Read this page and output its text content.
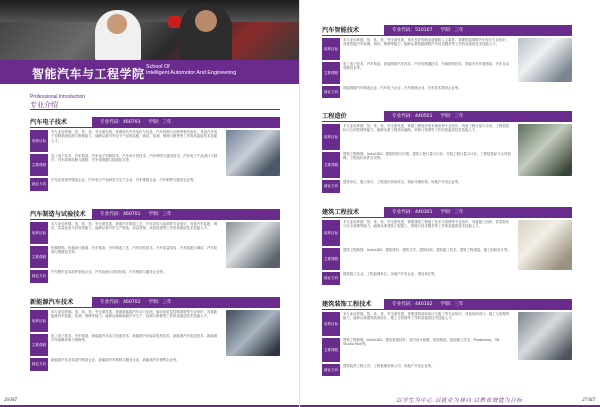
智能汽车与工程学院 School Of
Intelligent Automotor And Engineering
Professional Introduction
专业介绍
汽车电子技术	专业代码：460703 学制：三年
培养目标
本专业培养德、智、体、美、劳全面发展，掌握现代汽车电控与信息、汽车控制与诊断等相关知识，具备汽车电子控制系统检测与维修能力，能够从事汽车电子产品的装配、调试、检测、维修与销售等工作的高素质技术技能人才。
主要课程
电工电子技术、汽车构造、汽车电子控制技术、汽车单片机技术、汽车网络与通讯技术、汽车电子产品设计与制作、汽车故障诊断与排除、汽车传感器与检测技术等。
就业方向
汽车及零部件制造企业、汽车电子产品研发与生产企业、汽车维修企业、汽车销售与服务企业等。
汽车制造与试验技术	专业代码：460701 学制：三年
培养目标
本专业培养德、智、体、美、劳全面发展，掌握汽车制造工艺、汽车试验与检测等专业知识，具备汽车装配、调试、质量检验与试验等能力，能够从事汽车生产制造、质量管理、试验检测等工作的高素质技术技能人才。
主要课程
机械制图、机械设计基础、汽车构造、汽车制造工艺、汽车试验技术、汽车质量检验、汽车装配与调试、汽车检测与维修技术等。
就业方向
汽车整车及零部件制造企业、汽车检测与试验机构、汽车维修与服务企业等。
新能源汽车技术	专业代码：460702 学制：三年
培养目标
本专业培养德、智、体、美、劳全面发展，掌握新能源汽车动力电池、驱动电机及控制系统等专业知识，具备新能源汽车装配、检测、维修等能力，能够从事新能源汽车生产、检测与维修等工作的高素质技术技能人才。
主要课程
电工电子技术、汽车构造、新能源汽车动力电池技术、新能源汽车驱动电机技术、新能源汽车电控技术、新能源汽车故障诊断与维修等。
就业方向
新能源汽车及零部件制造企业、新能源汽车维修与服务企业、新能源汽车销售企业等。
26/SIT
汽车智能技术	专业代码：510107 学制：三年
培养目标
本专业培养德、智、体、美、劳全面发展，具有良好的职业道德和人文素养，掌握智能网联汽车相关专业知识，具备智能汽车装调、测试、维修等能力，能够从事智能网联汽车技术服务等工作的高素质技术技能人才。
主要课程
电工电子技术、汽车构造、智能网联汽车技术、汽车传感器技术、车载网络技术、智能汽车环境感知、汽车自动驾驶技术等。
就业方向
智能网联汽车制造企业、汽车电子企业、汽车维修企业、汽车技术服务企业等。
工程造价	专业代码：440501 学制：三年
培养目标
本专业培养德、智、体、美、劳全面发展，掌握工程造价基本理论和专业知识，具备工程计量与计价、工程招投标与合同管理等能力，能够从事工程造价编制、审核与管理等工作的高素质技术技能人才。
主要课程
建筑工程制图、AutoCAD、建筑构造与识图、建筑工程计量与计价、安装工程计量与计价、工程招投标与合同管理、工程造价软件应用等。
就业方向
建设单位、施工单位、工程造价咨询单位、招标代理机构、房地产开发企业等。
建筑工程技术	专业代码：440301 学制：三年
培养目标
本专业培养德、智、体、美、劳全面发展，掌握建筑工程施工技术与管理等专业知识，具备施工组织、质量检验与安全管理等能力，能够从事建筑工程施工、管理与技术服务等工作的高素质技术技能人才。
主要课程
建筑工程制图、AutoCAD、建筑材料、建筑力学、建筑结构、建筑施工技术、建筑工程测量、施工组织设计等。
就业方向
建筑施工企业、工程监理单位、房地产开发企业、建设单位等。
建筑装饰工程技术	专业代码：440102 学制：三年
培养目标
本专业培养德、智、体、美、劳全面发展，掌握建筑装饰设计与施工等专业知识，具备装饰设计、施工与管理等能力，能够从事建筑装饰设计、施工与管理等工作的高素质技术技能人才。
主要课程
建筑工程制图、AutoCAD、建筑装饰材料、室内设计原理、装饰构造、装饰施工技术、Photoshop、3D Studio Max等。
就业方向
建筑装饰工程公司、工程管理咨询公司、房地产开发企业等。
以学生为中心 以就业为导向 以教育增值为目标	27/SIT
